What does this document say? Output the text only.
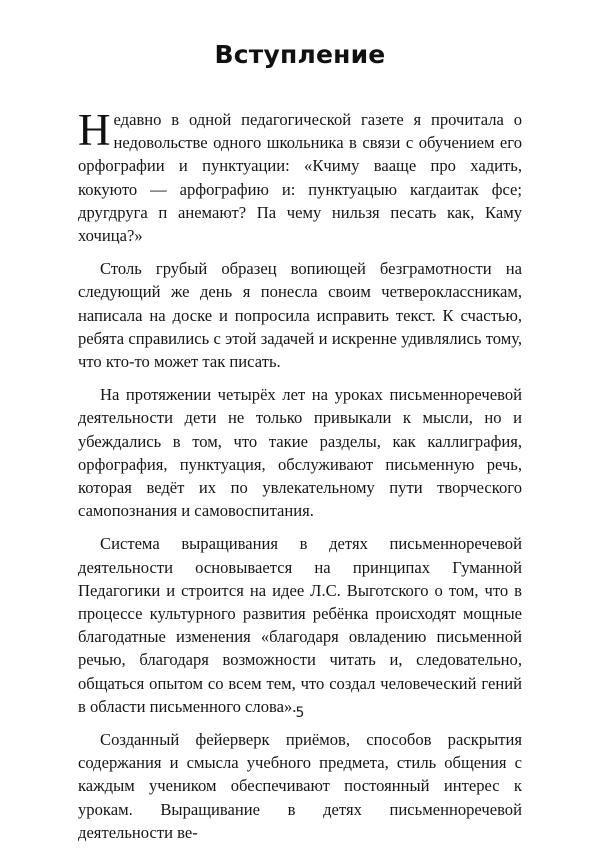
Вступление

Недавно в одной педагогической газете я прочитала о недовольстве одного школьника в связи с обучением его орфографии и пунктуации: «Кчиму вааще про хадить, кокуюто — арфографию и: пунктуацыю кагдаитак фсе; другдруга п анемают? Па чему нильзя песать как, Каму хочица?»

Столь грубый образец вопиющей безграмотности на следующий же день я понесла своим четвероклассникам, написала на доске и попросила исправить текст. К счастью, ребята справились с этой задачей и искренне удивлялись тому, что кто-то может так писать.

На протяжении четырёх лет на уроках письменноречевой деятельности дети не только привыкали к мысли, но и убеждались в том, что такие разделы, как каллиграфия, орфография, пунктуация, обслуживают письменную речь, которая ведёт их по увлекательному пути творческого самопознания и самовоспитания.

Система выращивания в детях письменноречевой деятельности основывается на принципах Гуманной Педагогики и строится на идее Л.С. Выготского о том, что в процессе культурного развития ребёнка происходят мощные благодатные изменения «благодаря овладению письменной речью, благодаря возможности читать и, следовательно, общаться опытом со всем тем, что создал человеческий гений в области письменного слова».

Созданный фейерверк приёмов, способов раскрытия содержания и смысла учебного предмета, стиль общения с каждым учеником обеспечивают постоянный интерес к урокам. Выращивание в детях письменноречевой деятельности ве-

5
